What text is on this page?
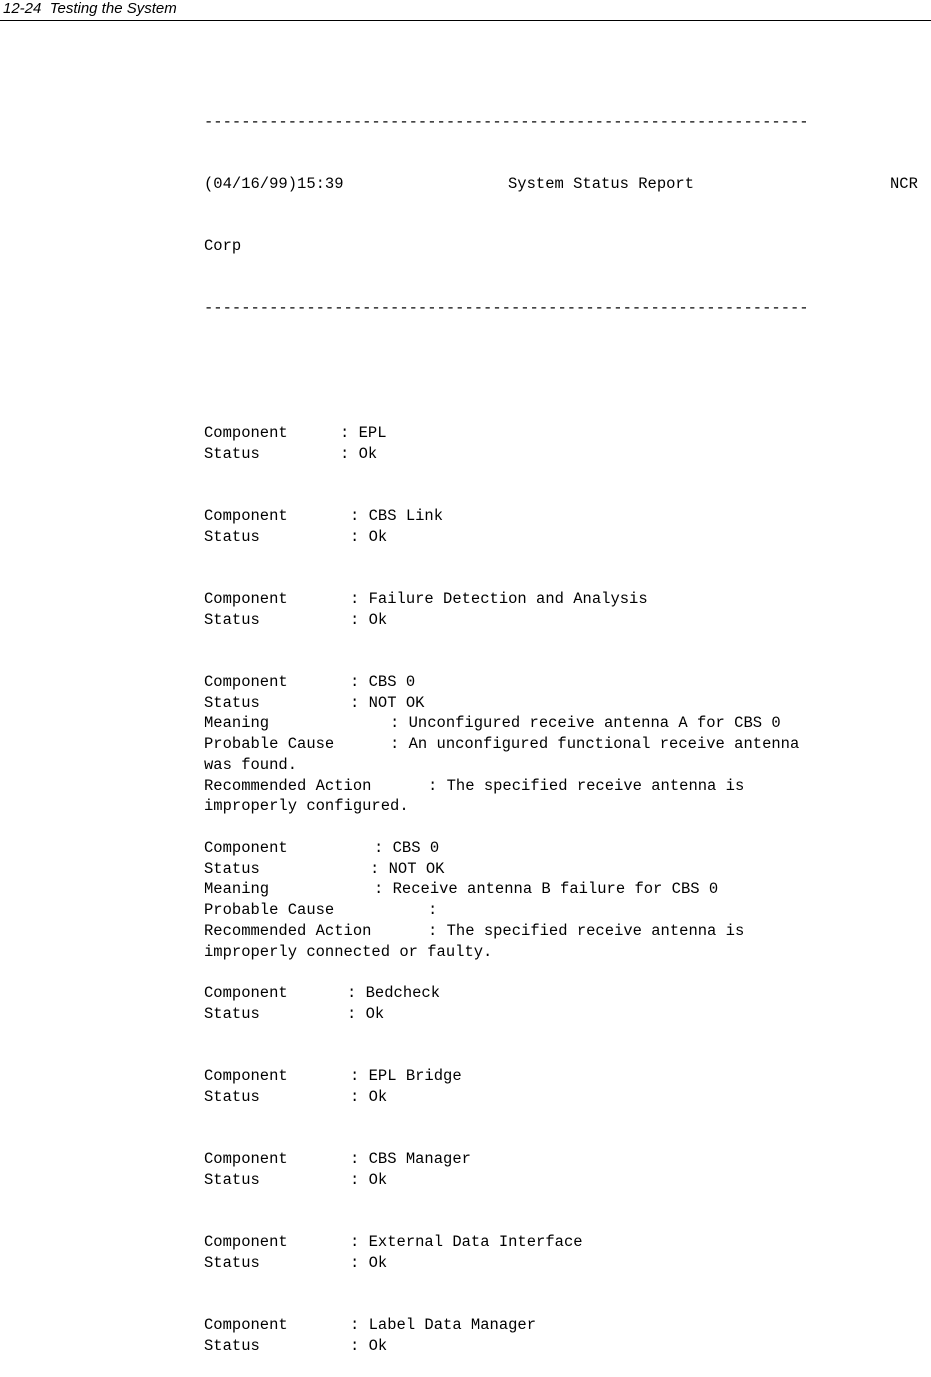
12-24  Testing the System

-----------------------------------------------------------------

(04/16/99)15:39

	System Status Report

	NCR

Corp

-----------------------------------------------------------------

Component	: EPL
Status	: Ok
Component	: CBS Link
Status	: Ok
Component	: Failure Detection and Analysis
Status	: Ok
Component	: CBS 0
Status	: NOT OK
Meaning	: Unconfigured receive antenna A for CBS 0
Probable Cause	: An unconfigured functional receive antenna
was found.
Recommended Action	: The specified receive antenna is
improperly configured.
Component	: CBS 0
Status	: NOT OK
Meaning	: Receive antenna B failure for CBS 0
Probable Cause	:
Recommended Action	: The specified receive antenna is
improperly connected or faulty.
Component	: Bedcheck
Status	: Ok
Component	: EPL Bridge
Status	: Ok
Component	: CBS Manager
Status	: Ok
Component	: External Data Interface
Status	: Ok
Component	: Label Data Manager
Status	: Ok
